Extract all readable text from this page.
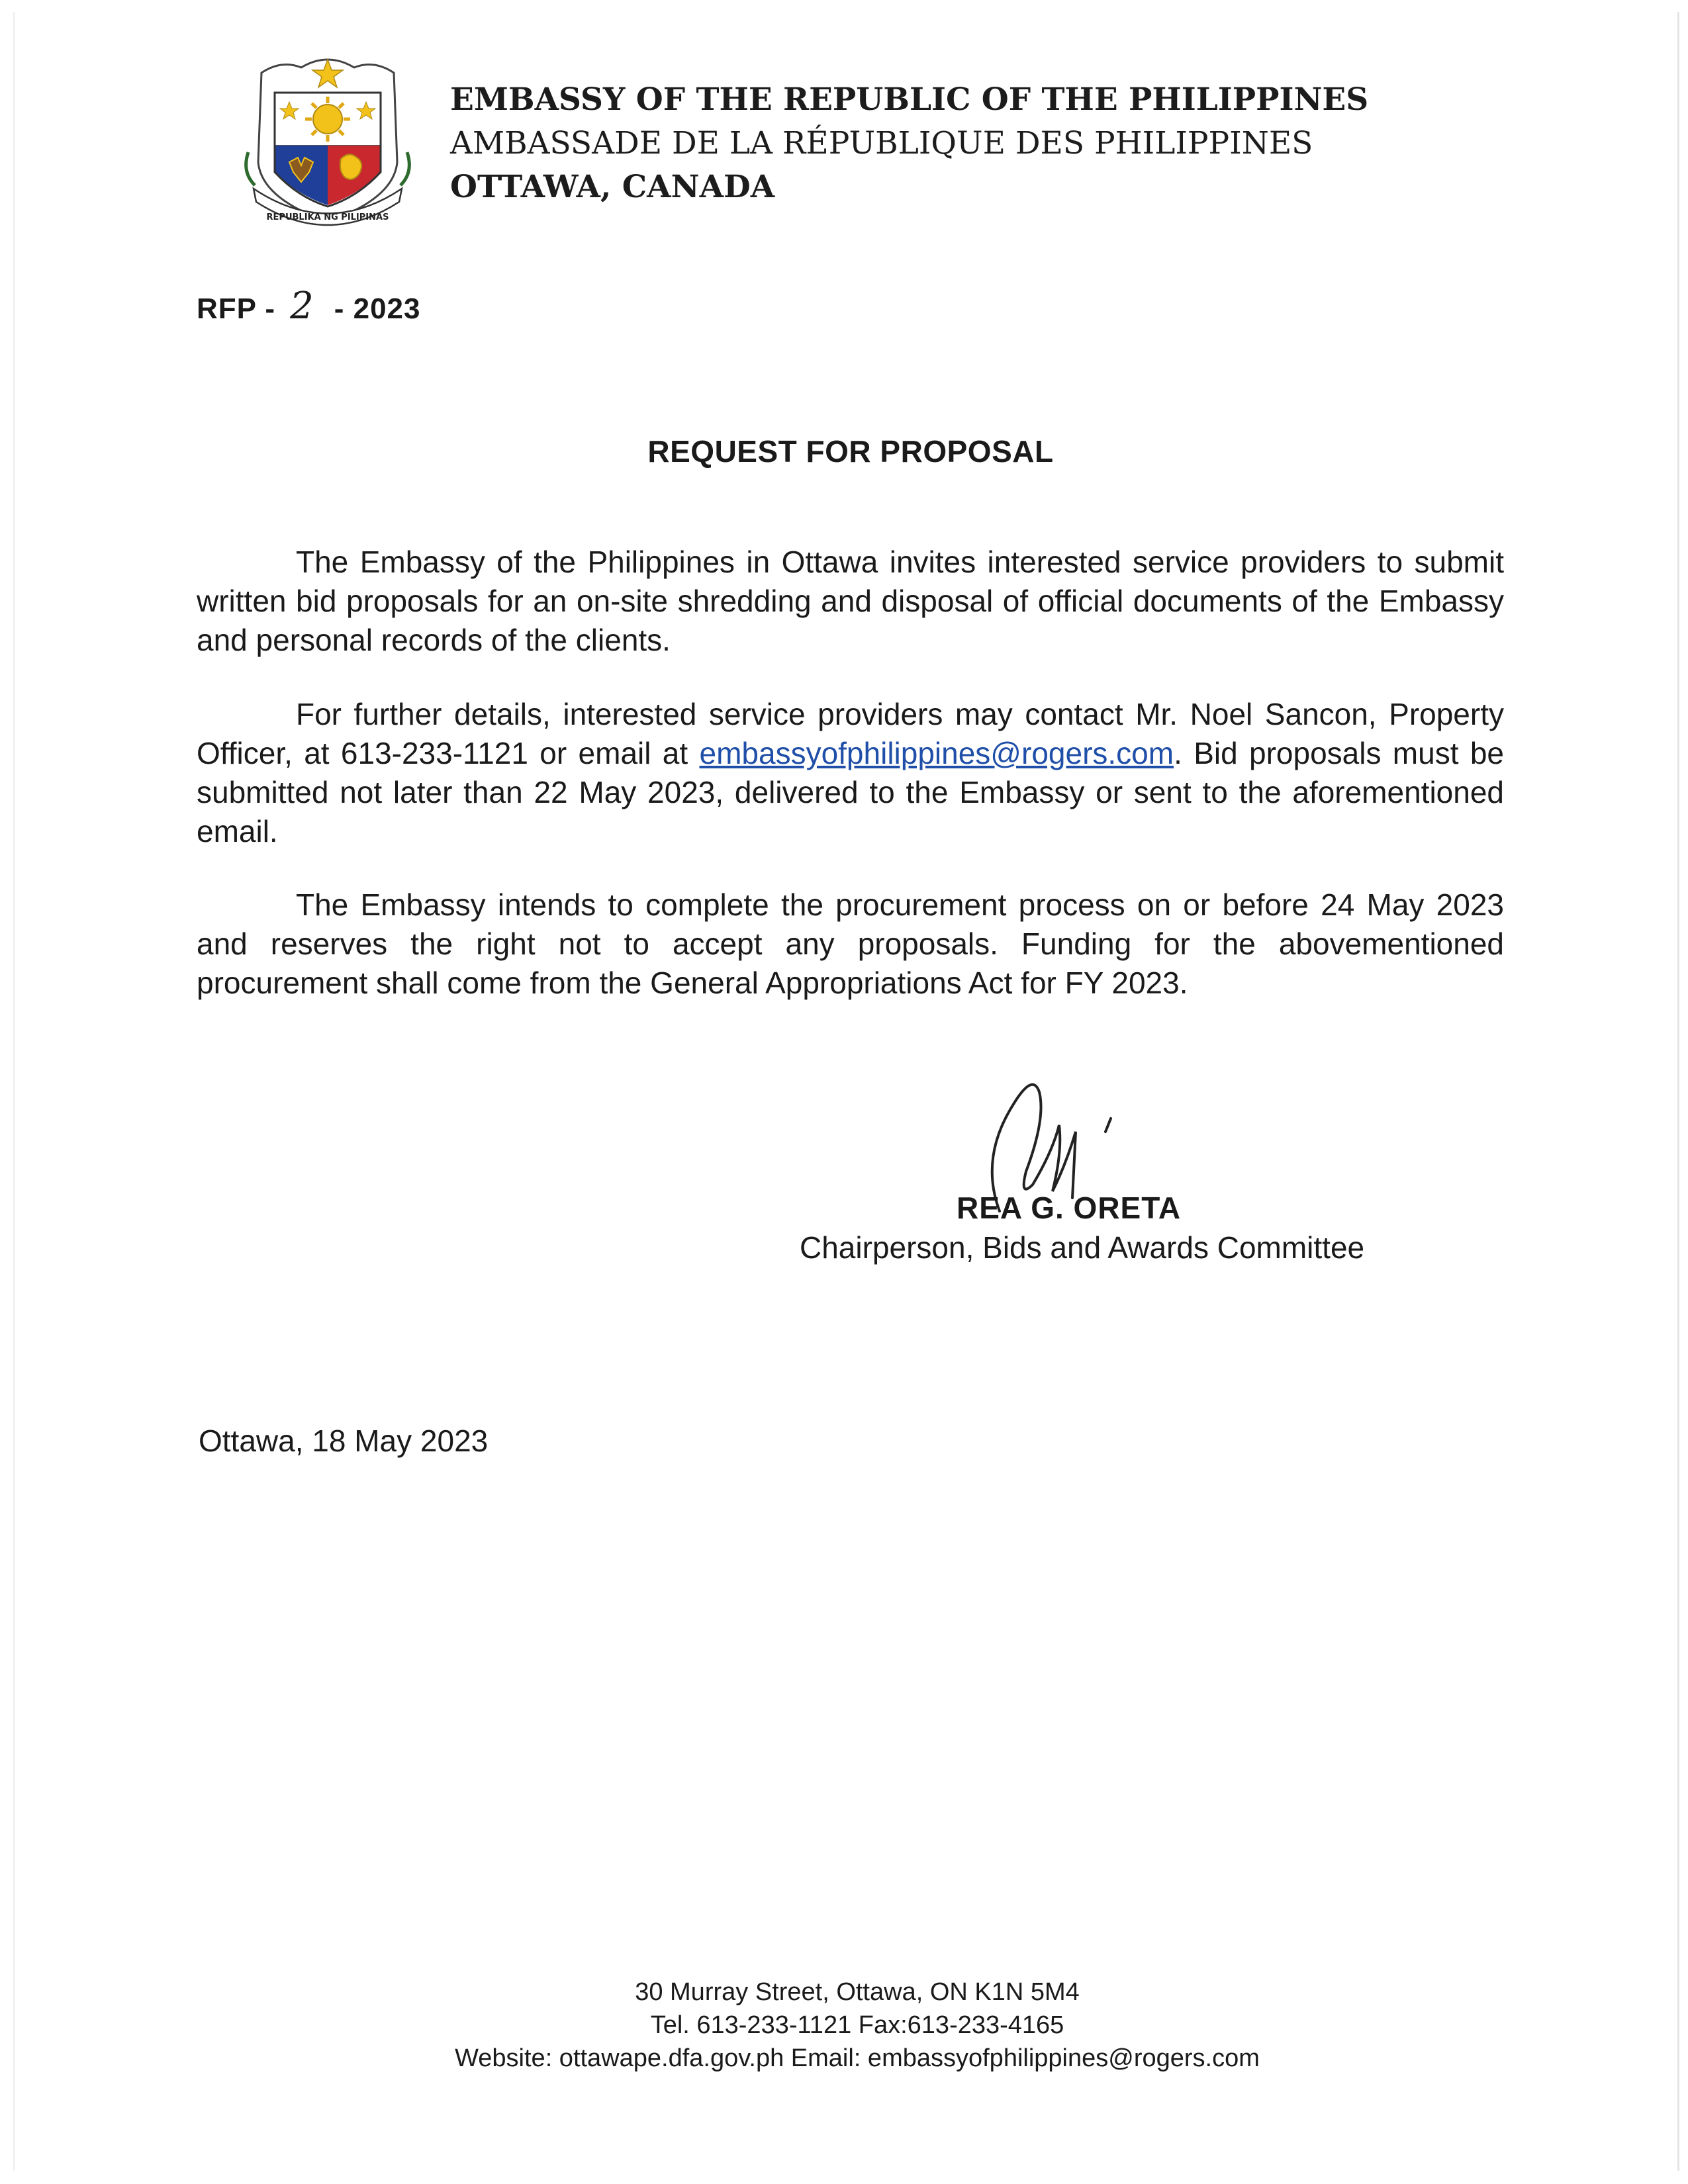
REPUBLIKA NG PILIPINAS
EMBASSY OF THE REPUBLIC OF THE PHILIPPINES
AMBASSADE DE LA RÉPUBLIQUE DES PHILIPPINES
OTTAWA, CANADA
RFP - 2 - 2023
REQUEST FOR PROPOSAL

The Embassy of the Philippines in Ottawa invites interested service providers to submit written bid proposals for an on-site shredding and disposal of official documents of the Embassy and personal records of the clients.

For further details, interested service providers may contact Mr. Noel Sancon, Property Officer, at 613-233-1121 or email at embassyofphilippines@rogers.com. Bid proposals must be submitted not later than 22 May 2023, delivered to the Embassy or sent to the aforementioned email.

The Embassy intends to complete the procurement process on or before 24 May 2023 and reserves the right not to accept any proposals. Funding for the abovementioned procurement shall come from the General Appropriations Act for FY 2023.

REA G. ORETA
Chairperson, Bids and Awards Committee
Ottawa, 18 May 2023
30 Murray Street, Ottawa, ON K1N 5M4
Tel. 613-233-1121 Fax:613-233-4165
Website: ottawape.dfa.gov.ph Email: embassyofphilippines@rogers.com
